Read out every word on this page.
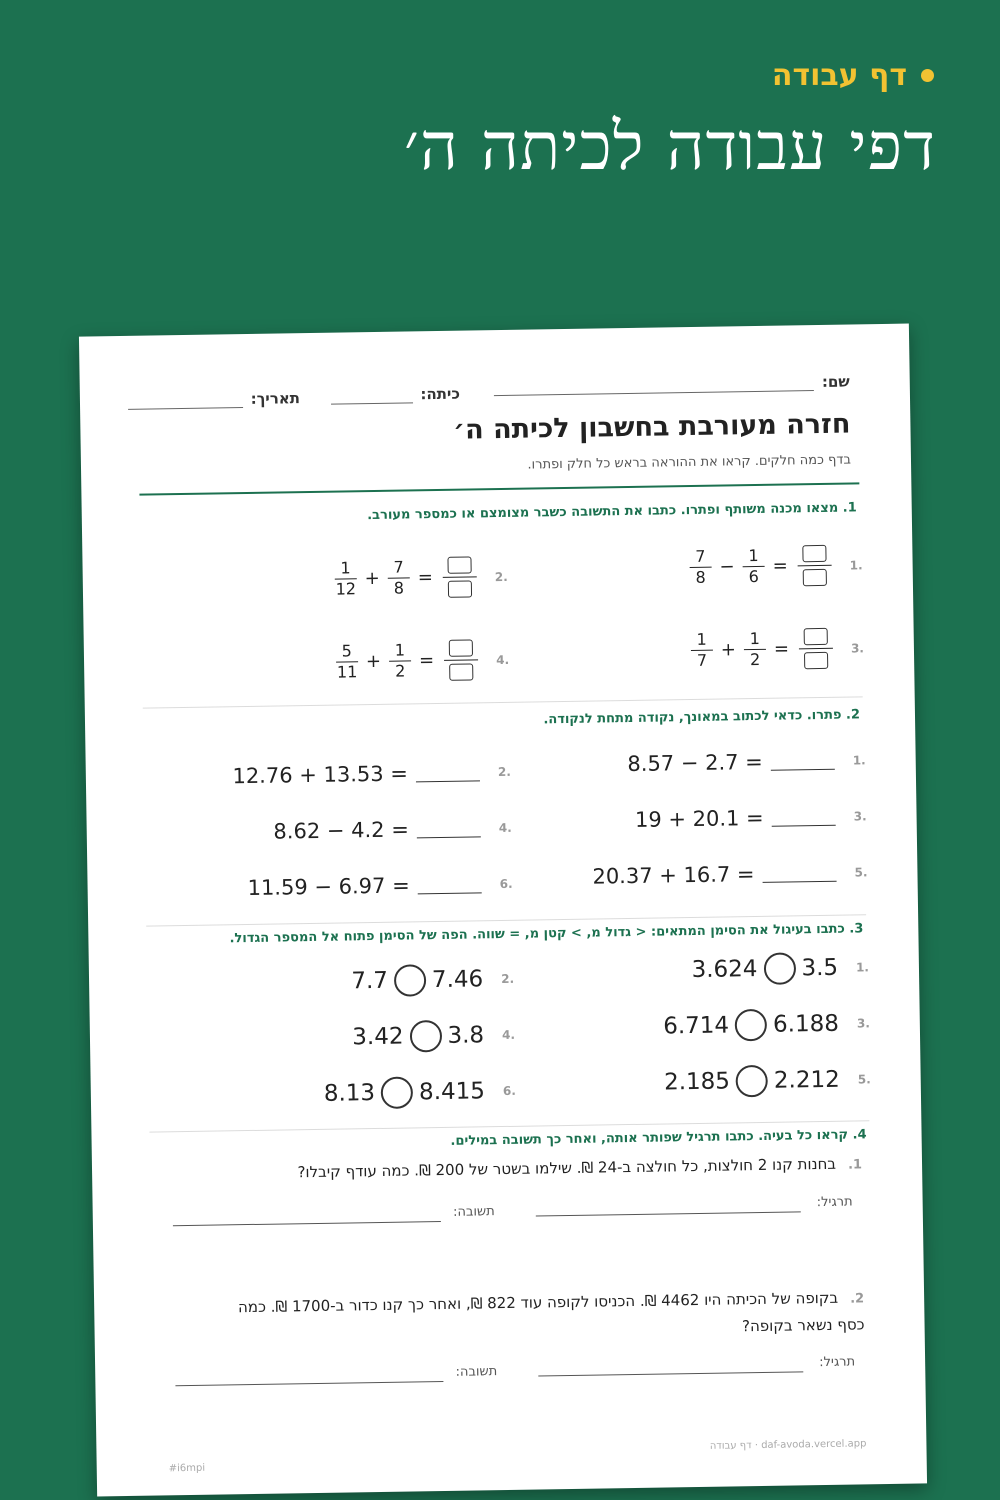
דף עבודה
דפי עבודה לכיתה ה׳
שם:
כיתה:
תאריך:
חזרה מעורבת בחשבון לכיתה ה׳
בדף כמה חלקים. קראו את ההוראה בראש כל חלק ופתרו.
1. מצאו מכנה משותף ופתרו. כתבו את התשובה כשבר מצומצם או כמספר מעורב.
$\frac{7}{8} - \frac{1}{6}$ =	1.
$\frac{1}{12} + \frac{7}{8}$ =	2.
$\frac{1}{7} + \frac{1}{2}$ =	3.
$\frac{5}{11} + \frac{1}{2}$ =	4.
2. פתרו. כדאי לכתוב במאונך, נקודה מתחת לנקודה.
8.57 − 2.7 =	1.
12.76 + 13.53 =	2.
19 + 20.1 =	3.
8.62 − 4.2 =	4.
20.37 + 16.7 =	5.
11.59 − 6.97 =	6.
3. כתבו בעיגול את הסימן המתאים: < גדול מ, > קטן מ, = שווה. הפה של הסימן פתוח אל המספר הגדול.
3.624 3.5 1.
7.7 7.46 2.
6.714 6.188 3.
3.42 3.8 4.
2.185 2.212 5.
8.13 8.415 6.
4. קראו כל בעיה. כתבו תרגיל שפותר אותה, ואחר כך תשובה במילים.
1.בחנות קנו 2 חולצות, כל חולצה ב-24 ₪. שילמו בשטר של 200 ₪. כמה עודף קיבלו?
תרגיל:
תשובה:
2.בקופה של הכיתה היו 4462 ₪. הכניסו לקופה עוד 822 ₪, ואחר כך קנו כדור ב-1700 ₪. כמה כסף נשאר בקופה?
תרגיל:
תשובה:
דף עבודה · daf-avoda.vercel.app
#i6mpi
